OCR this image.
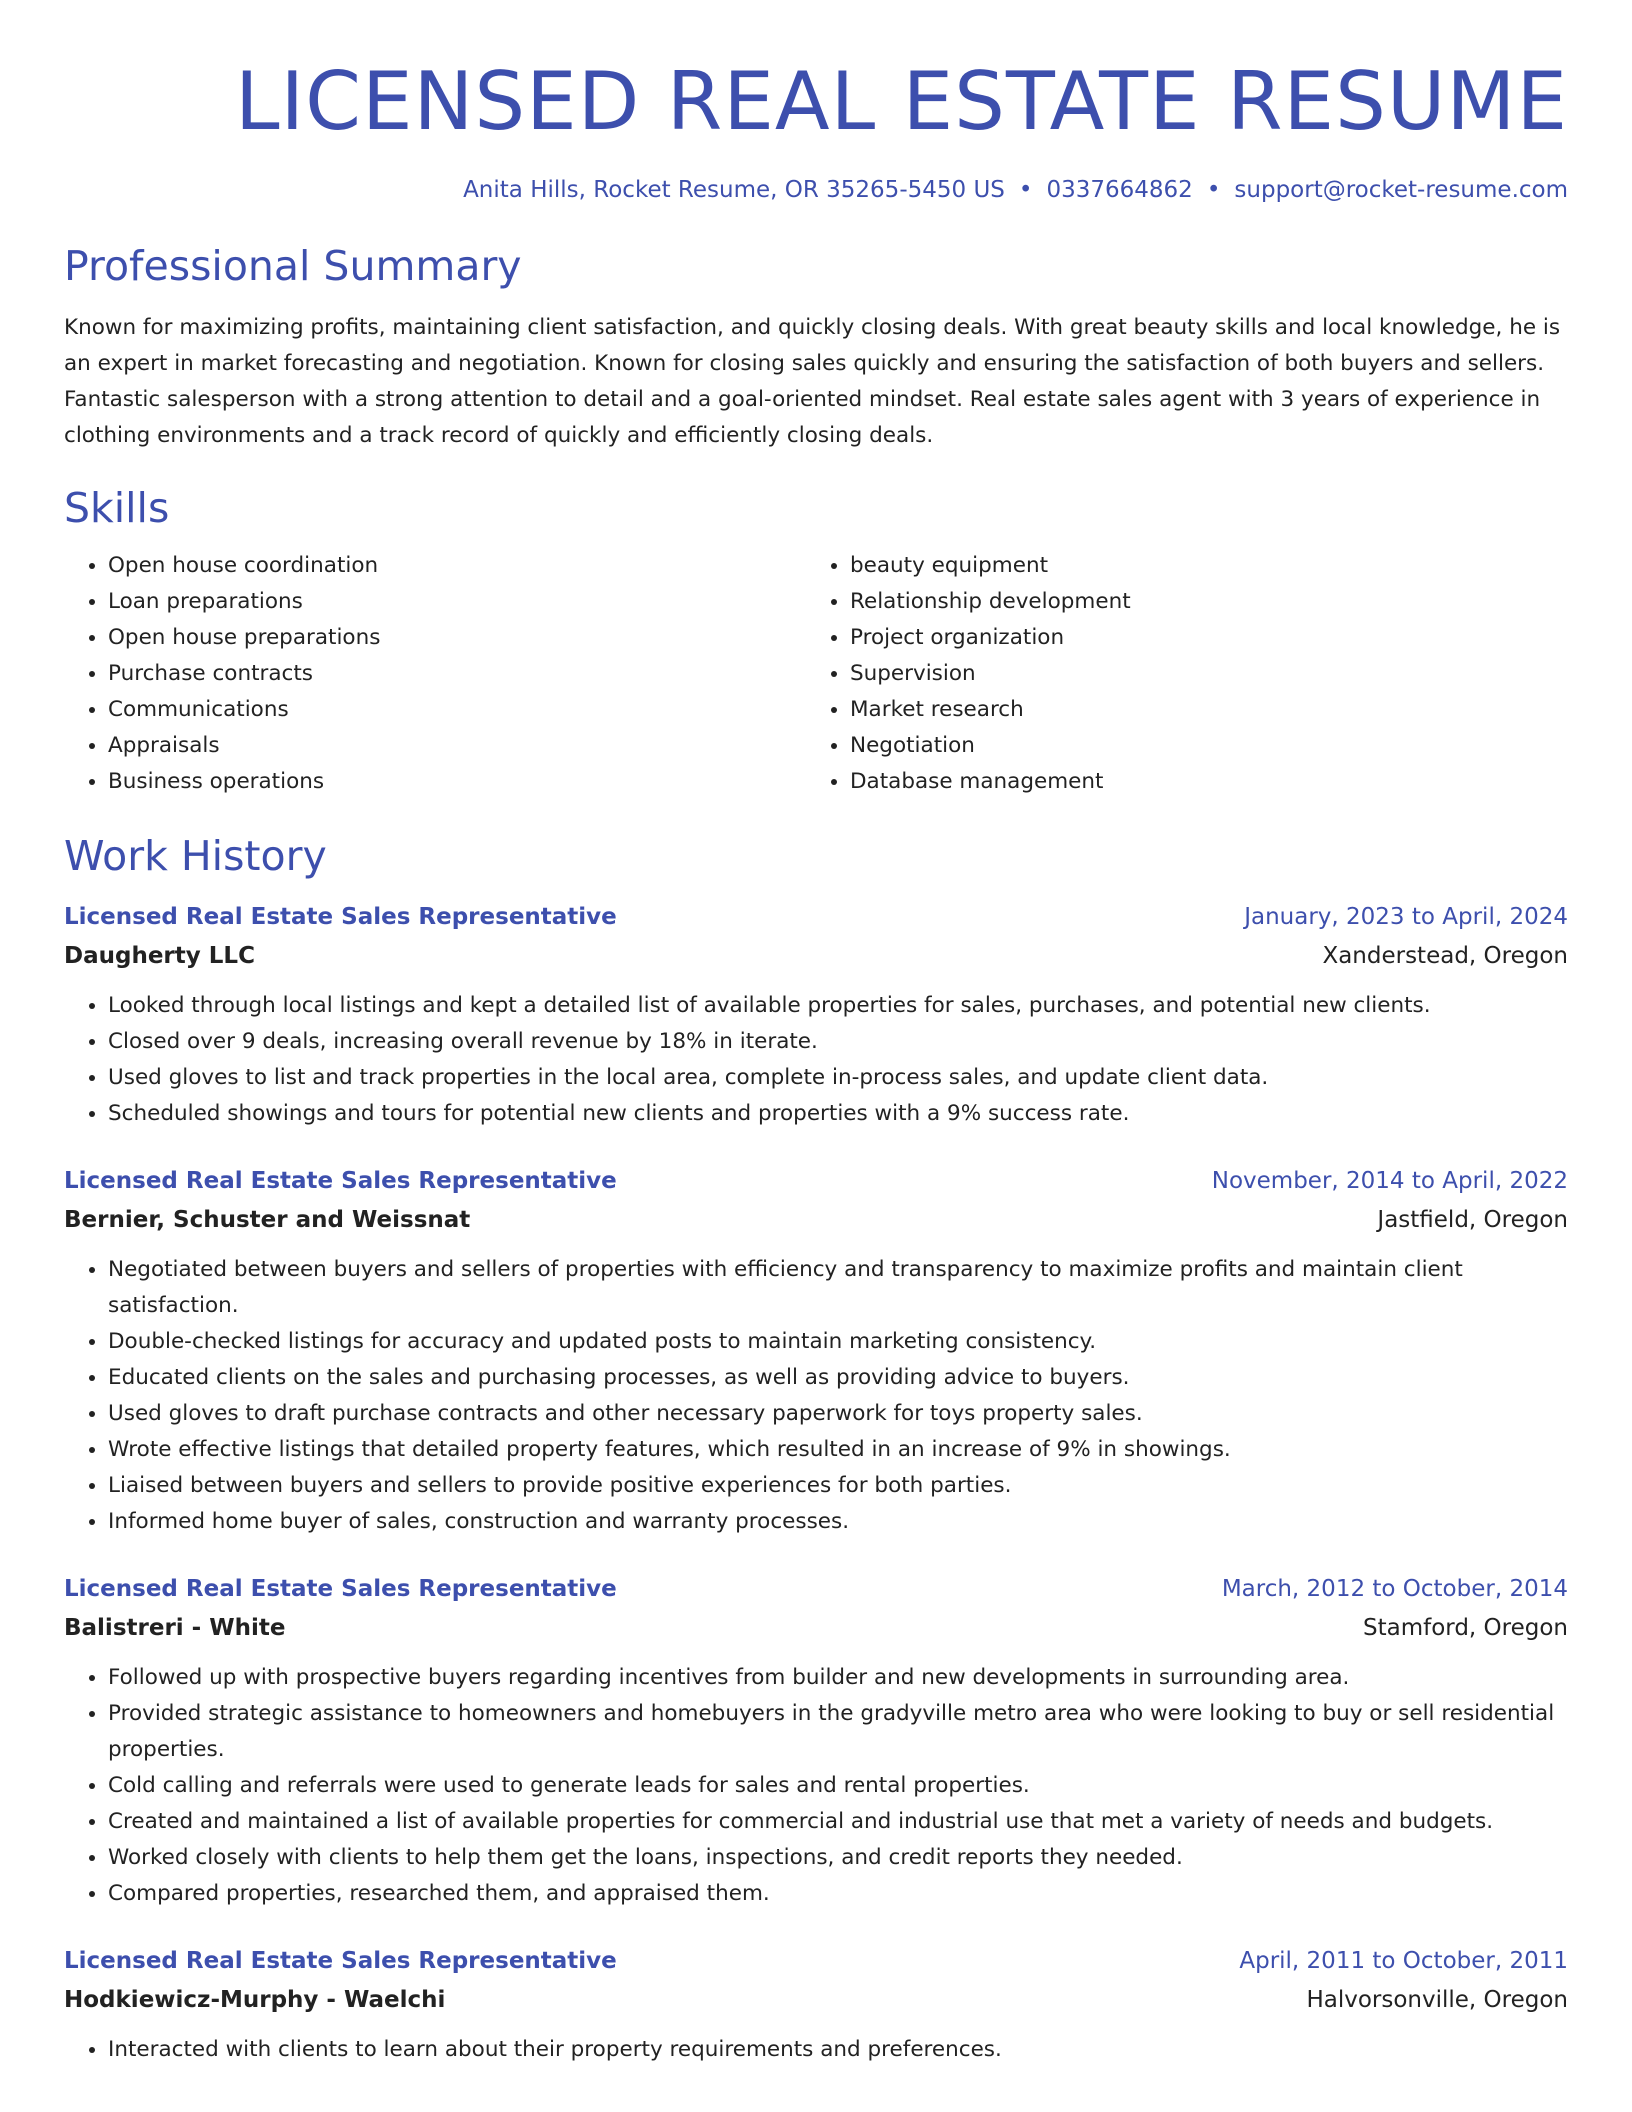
LICENSED REAL ESTATE RESUME
Anita Hills, Rocket Resume, OR 35265-5450 US • 0337664862 • support@rocket-resume.com
Professional Summary
Known for maximizing profits, maintaining client satisfaction, and quickly closing deals. With great beauty skills and local knowledge, he is an expert in market forecasting and negotiation. Known for closing sales quickly and ensuring the satisfaction of both buyers and sellers. Fantastic salesperson with a strong attention to detail and a goal-oriented mindset. Real estate sales agent with 3 years of experience in clothing environments and a track record of quickly and efficiently closing deals.
Skills
• Open house coordination
• Loan preparations
• Open house preparations
• Purchase contracts
• Communications
• Appraisals
• Business operations
• beauty equipment
• Relationship development
• Project organization
• Supervision
• Market research
• Negotiation
• Database management
Work History
Licensed Real Estate Sales Representative	January, 2023 to April, 2024
Daugherty LLC	Xanderstead, Oregon
• Looked through local listings and kept a detailed list of available properties for sales, purchases, and potential new clients.
• Closed over 9 deals, increasing overall revenue by 18% in iterate.
• Used gloves to list and track properties in the local area, complete in-process sales, and update client data.
• Scheduled showings and tours for potential new clients and properties with a 9% success rate.
Licensed Real Estate Sales Representative	November, 2014 to April, 2022
Bernier, Schuster and Weissnat	Jastfield, Oregon
• Negotiated between buyers and sellers of properties with efficiency and transparency to maximize profits and maintain client satisfaction.
• Double-checked listings for accuracy and updated posts to maintain marketing consistency.
• Educated clients on the sales and purchasing processes, as well as providing advice to buyers.
• Used gloves to draft purchase contracts and other necessary paperwork for toys property sales.
• Wrote effective listings that detailed property features, which resulted in an increase of 9% in showings.
• Liaised between buyers and sellers to provide positive experiences for both parties.
• Informed home buyer of sales, construction and warranty processes.
Licensed Real Estate Sales Representative	March, 2012 to October, 2014
Balistreri - White	Stamford, Oregon
• Followed up with prospective buyers regarding incentives from builder and new developments in surrounding area.
• Provided strategic assistance to homeowners and homebuyers in the gradyville metro area who were looking to buy or sell residential properties.
• Cold calling and referrals were used to generate leads for sales and rental properties.
• Created and maintained a list of available properties for commercial and industrial use that met a variety of needs and budgets.
• Worked closely with clients to help them get the loans, inspections, and credit reports they needed.
• Compared properties, researched them, and appraised them.
Licensed Real Estate Sales Representative	April, 2011 to October, 2011
Hodkiewicz-Murphy - Waelchi	Halvorsonville, Oregon
• Interacted with clients to learn about their property requirements and preferences.
